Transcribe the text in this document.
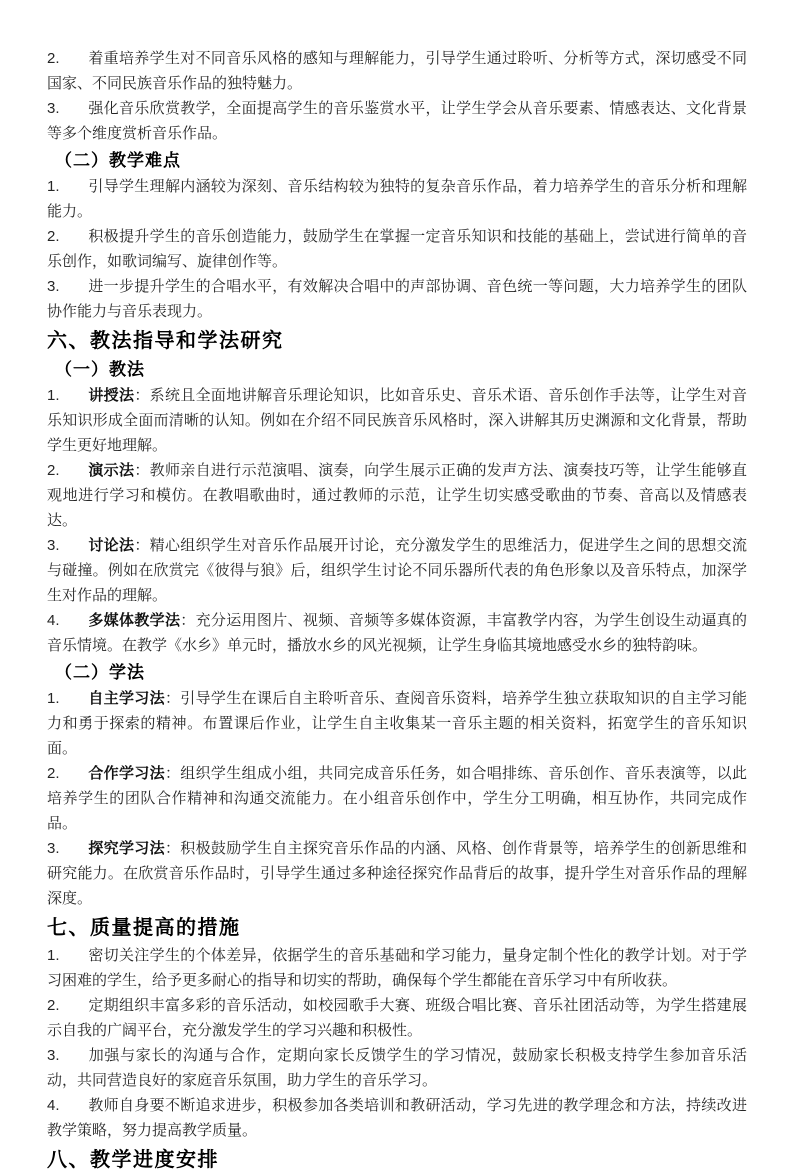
2. 着重培养学生对不同音乐风格的感知与理解能力，引导学生通过聆听、分析等方式，深切感受不同国家、不同民族音乐作品的独特魅力。

3. 强化音乐欣赏教学，全面提高学生的音乐鉴赏水平，让学生学会从音乐要素、情感表达、文化背景等多个维度赏析音乐作品。

（二）教学难点

1. 引导学生理解内涵较为深刻、音乐结构较为独特的复杂音乐作品，着力培养学生的音乐分析和理解能力。

2. 积极提升学生的音乐创造能力，鼓励学生在掌握一定音乐知识和技能的基础上，尝试进行简单的音乐创作，如歌词编写、旋律创作等。

3. 进一步提升学生的合唱水平，有效解决合唱中的声部协调、音色统一等问题，大力培养学生的团队协作能力与音乐表现力。

六、教法指导和学法研究
（一）教法

1. 讲授法：系统且全面地讲解音乐理论知识，比如音乐史、音乐术语、音乐创作手法等，让学生对音乐知识形成全面而清晰的认知。例如在介绍不同民族音乐风格时，深入讲解其历史渊源和文化背景，帮助学生更好地理解。

2. 演示法：教师亲自进行示范演唱、演奏，向学生展示正确的发声方法、演奏技巧等，让学生能够直观地进行学习和模仿。在教唱歌曲时，通过教师的示范，让学生切实感受歌曲的节奏、音高以及情感表达。

3. 讨论法：精心组织学生对音乐作品展开讨论，充分激发学生的思维活力，促进学生之间的思想交流与碰撞。例如在欣赏完《彼得与狼》后，组织学生讨论不同乐器所代表的角色形象以及音乐特点，加深学生对作品的理解。

4. 多媒体教学法：充分运用图片、视频、音频等多媒体资源，丰富教学内容，为学生创设生动逼真的音乐情境。在教学《水乡》单元时，播放水乡的风光视频，让学生身临其境地感受水乡的独特韵味。

（二）学法

1. 自主学习法：引导学生在课后自主聆听音乐、查阅音乐资料，培养学生独立获取知识的自主学习能力和勇于探索的精神。布置课后作业，让学生自主收集某一音乐主题的相关资料，拓宽学生的音乐知识面。

2. 合作学习法：组织学生组成小组，共同完成音乐任务，如合唱排练、音乐创作、音乐表演等，以此培养学生的团队合作精神和沟通交流能力。在小组音乐创作中，学生分工明确，相互协作，共同完成作品。

3. 探究学习法：积极鼓励学生自主探究音乐作品的内涵、风格、创作背景等，培养学生的创新思维和研究能力。在欣赏音乐作品时，引导学生通过多种途径探究作品背后的故事，提升学生对音乐作品的理解深度。

七、质量提高的措施

1. 密切关注学生的个体差异，依据学生的音乐基础和学习能力，量身定制个性化的教学计划。对于学习困难的学生，给予更多耐心的指导和切实的帮助，确保每个学生都能在音乐学习中有所收获。

2. 定期组织丰富多彩的音乐活动，如校园歌手大赛、班级合唱比赛、音乐社团活动等，为学生搭建展示自我的广阔平台，充分激发学生的学习兴趣和积极性。

3. 加强与家长的沟通与合作，定期向家长反馈学生的学习情况，鼓励家长积极支持学生参加音乐活动，共同营造良好的家庭音乐氛围，助力学生的音乐学习。

4. 教师自身要不断追求进步，积极参加各类培训和教研活动，学习先进的教学理念和方法，持续改进教学策略，努力提高教学质量。

八、教学进度安排
